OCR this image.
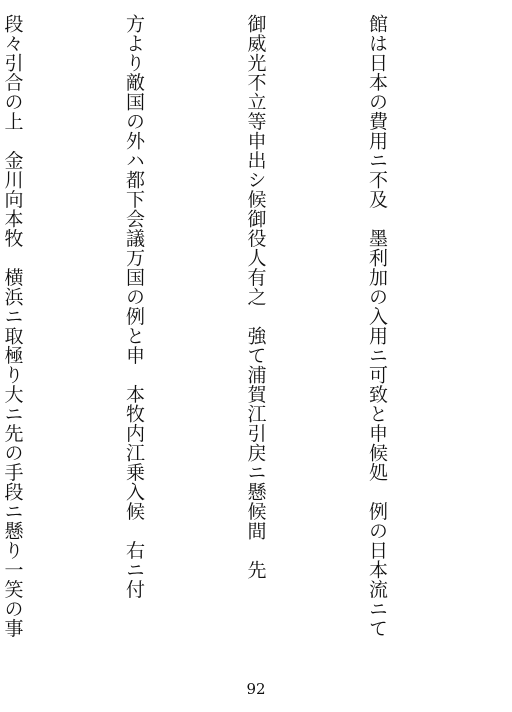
館は日本の費用ニ不及　墨利加の入用ニ可致と申候処　例の日本流ニて

御威光不立等申出シ候御役人有之　強て浦賀江引戻ニ懸候間　先

方より敵国の外ハ都下会議万国の例と申　本牧内江乗入候　右ニ付

段々引合の上　金川向本牧　横浜ニ取極り大ニ先の手段ニ懸り一笑の事

92
